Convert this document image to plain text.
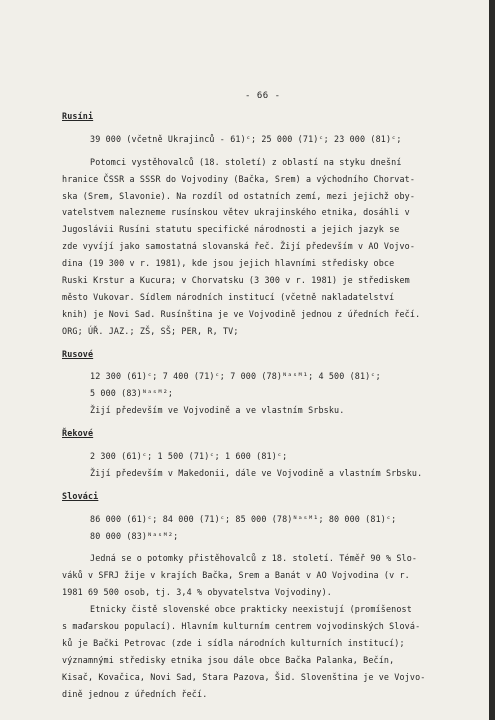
- 66 -
Rusíni
39 000 (včetně Ukrajinců - 61)ᶜ; 25 000 (71)ᶜ; 23 000 (81)ᶜ;
Potomci vystěhovalců (18. století) z oblastí na styku dnešní
hranice ČSSR a SSSR do Vojvodiny (Bačka, Srem) a východního Chorvat-
ska (Srem, Slavonie). Na rozdíl od ostatních zemí, mezi jejichž oby-
vatelstvem nalezneme rusínskou větev ukrajinského etnika, dosáhli v
Jugoslávii Rusíni statutu specifické národnosti a jejich jazyk se
zde vyvíjí jako samostatná slovanská řeč. Žijí především v AO Vojvo-
dina (19 300 v r. 1981), kde jsou jejich hlavními středisky obce
Ruski Krstur a Kucura; v Chorvatsku (3 300 v r. 1981) je střediskem
město Vukovar. Sídlem národních institucí (včetně nakladatelství
knih) je Novi Sad. Rusínština je ve Vojvodině jednou z úředních řečí.
ORG; ÚŘ. JAZ.; ZŠ, SŠ; PER, R, TV;
Rusové
12 300 (61)ᶜ; 7 400 (71)ᶜ; 7 000 (78)ᴺᵃˢᴹ¹; 4 500 (81)ᶜ;
5 000 (83)ᴺᵃˢᴹ²;
Žijí především ve Vojvodině a ve vlastním Srbsku.
Řekové
2 300 (61)ᶜ; 1 500 (71)ᶜ; 1 600 (81)ᶜ;
Žijí především v Makedonii, dále ve Vojvodině a vlastním Srbsku.
Slováci
86 000 (61)ᶜ; 84 000 (71)ᶜ; 85 000 (78)ᴺᵃˢᴹ¹; 80 000 (81)ᶜ;
80 000 (83)ᴺᵃˢᴹ²;
Jedná se o potomky přistěhovalců z 18. století. Téměř 90 % Slo-
váků v SFRJ žije v krajích Bačka, Srem a Banát v AO Vojvodina (v r.
1981 69 500 osob, tj. 3,4 % obyvatelstva Vojvodiny).
Etnicky čistě slovenské obce prakticky neexistují (promíšenost
s maďarskou populací). Hlavním kulturním centrem vojvodinských Slová-
ků je Bački Petrovac (zde i sídla národních kulturních institucí);
významnými středisky etnika jsou dále obce Bačka Palanka, Bečín,
Kisač, Kovačica, Novi Sad, Stara Pazova, Šid. Slovenština je ve Vojvo-
dině jednou z úředních řečí.
